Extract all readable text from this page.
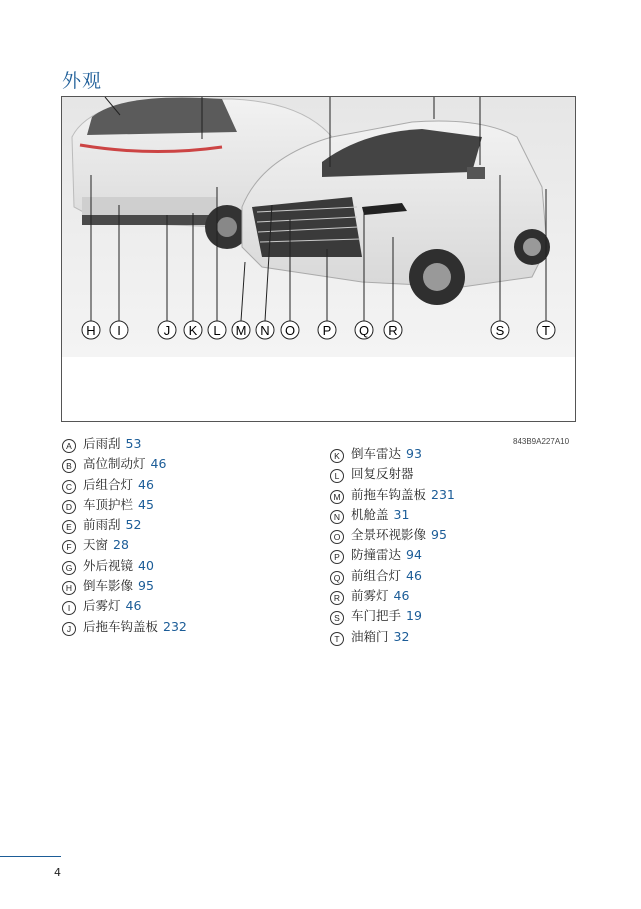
外观
H I	J K L M N O P Q R	S	T
843B9A227A10
A 后雨刮 53
B 高位制动灯 46
C 后组合灯 46
D 车顶护栏 45
E 前雨刮 52
F 天窗 28
G 外后视镜 40
H 倒车影像 95
I 后雾灯 46
J 后拖车钩盖板 232
K 倒车雷达 93
L 回复反射器
M 前拖车钩盖板 231
N 机舱盖 31
O 全景环视影像 95
P 防撞雷达 94
Q 前组合灯 46
R 前雾灯 46
S 车门把手 19
T 油箱门 32
4
